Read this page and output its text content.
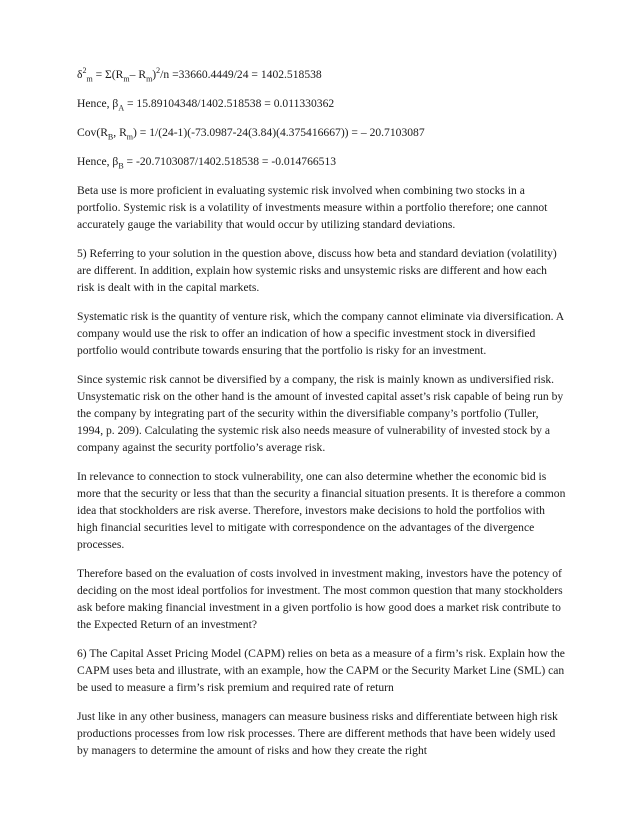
$\delta^2_m = \Sigma(R_m-$ $R_m)^2/n =33660.4449/24 = 1402.518538$

Hence, $\beta_A = 15.89104348/1402.518538 = 0.011330362$

$Cov(R_B$, $R_m) = 1/(24-1)(-73.0987-24(3.84)(4.375416667))$ = – 20.7103087

Hence, $\beta_B = -20.7103087/1402.518538 = -0.014766513$

Beta use is more proficient in evaluating systemic risk involved when combining two stocks in a portfolio. Systemic risk is a volatility of investments measure within a portfolio therefore; one cannot accurately gauge the variability that would occur by utilizing standard deviations.

5) Referring to your solution in the question above, discuss how beta and standard deviation (volatility) are different. In addition, explain how systemic risks and unsystemic risks are different and how each risk is dealt with in the capital markets.

Systematic risk is the quantity of venture risk, which the company cannot eliminate via diversification. A company would use the risk to offer an indication of how a specific investment stock in diversified portfolio would contribute towards ensuring that the portfolio is risky for an investment.

Since systemic risk cannot be diversified by a company, the risk is mainly known as undiversified risk. Unsystematic risk on the other hand is the amount of invested capital asset’s risk capable of being run by the company by integrating part of the security within the diversifiable company’s portfolio (Tuller, 1994, p. 209). Calculating the systemic risk also needs measure of vulnerability of invested stock by a company against the security portfolio’s average risk.

In relevance to connection to stock vulnerability, one can also determine whether the economic bid is more that the security or less that than the security a financial situation presents. It is therefore a common idea that stockholders are risk averse. Therefore, investors make decisions to hold the portfolios with high financial securities level to mitigate with correspondence on the advantages of the divergence processes.

Therefore based on the evaluation of costs involved in investment making, investors have the potency of deciding on the most ideal portfolios for investment. The most common question that many stockholders ask before making financial investment in a given portfolio is how good does a market risk contribute to the Expected Return of an investment?

6) The Capital Asset Pricing Model (CAPM) relies on beta as a measure of a firm’s risk. Explain how the CAPM uses beta and illustrate, with an example, how the CAPM or the Security Market Line (SML) can be used to measure a firm’s risk premium and required rate of return

Just like in any other business, managers can measure business risks and differentiate between high risk productions processes from low risk processes. There are different methods that have been widely used by managers to determine the amount of risks and how they create the right
